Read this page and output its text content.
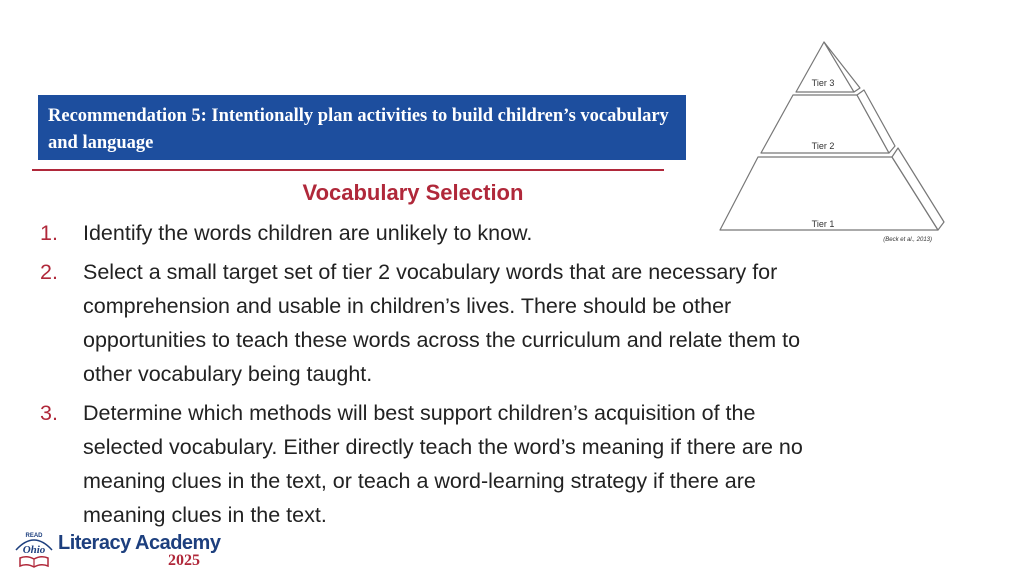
Recommendation 5: Intentionally plan activities to build children’s vocabulary and language

Vocabulary Selection
1.	Identify the words children are unlikely to know.
2.	Select a small target set of tier 2 vocabulary words that are necessary for comprehension and usable in children’s lives. There should be other opportunities to teach these words across the curriculum and relate them to other vocabulary being taught.
3.	Determine which methods will best support children’s acquisition of the selected vocabulary. Either directly teach the word’s meaning if there are no meaning clues in the text, or teach a word-learning strategy if there are meaning clues in the text.
Tier 3
Tier 2
Tier 1
(Beck et al., 2013)
READ
Ohio Literacy Academy
2025
